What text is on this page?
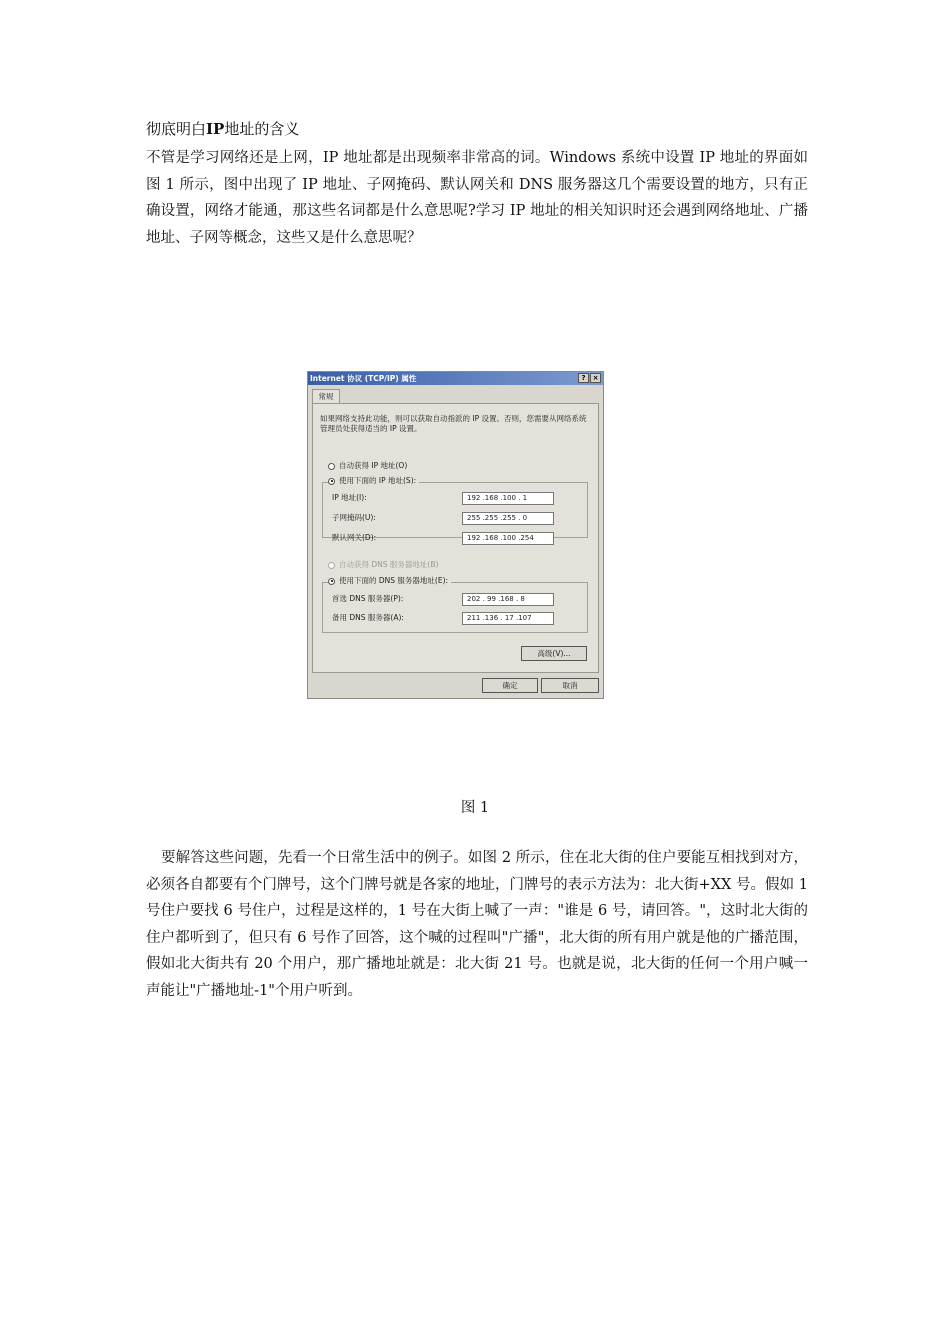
彻底明白IP地址的含义

不管是学习网络还是上网，IP 地址都是出现频率非常高的词。Windows 系统中设置 IP 地址的界面如图 1 所示，图中出现了 IP 地址、子网掩码、默认网关和 DNS 服务器这几个需要设置的地方，只有正确设置，网络才能通，那这些名词都是什么意思呢?学习 IP 地址的相关知识时还会遇到网络地址、广播地址、子网等概念，这些又是什么意思呢？

Internet 协议 (TCP/IP) 属性	?	×
常规
如果网络支持此功能，则可以获取自动指派的 IP 设置。否则，您需要从网络系统管理员处获得适当的 IP 设置。
自动获得 IP 地址(O)
使用下面的 IP 地址(S):
IP 地址(I):	192 .168 .100 . 1
子网掩码(U):	255 .255 .255 . 0
默认网关(D):	192 .168 .100 .254
自动获得 DNS 服务器地址(B)
使用下面的 DNS 服务器地址(E):
首选 DNS 服务器(P):	202 . 99 .168 . 8
备用 DNS 服务器(A):	211 .136 . 17 .107
高级(V)...
确定	取消
图 1

要解答这些问题，先看一个日常生活中的例子。如图 2 所示，住在北大街的住户要能互相找到对方，必须各自都要有个门牌号，这个门牌号就是各家的地址，门牌号的表示方法为：北大街+XX 号。假如 1 号住户要找 6 号住户，过程是这样的，1 号在大街上喊了一声："谁是 6 号，请回答。"，这时北大街的住户都听到了，但只有 6 号作了回答，这个喊的过程叫"广播"，北大街的所有用户就是他的广播范围，假如北大街共有 20 个用户，那广播地址就是：北大街 21 号。也就是说，北大街的任何一个用户喊一声能让"广播地址-1"个用户听到。
